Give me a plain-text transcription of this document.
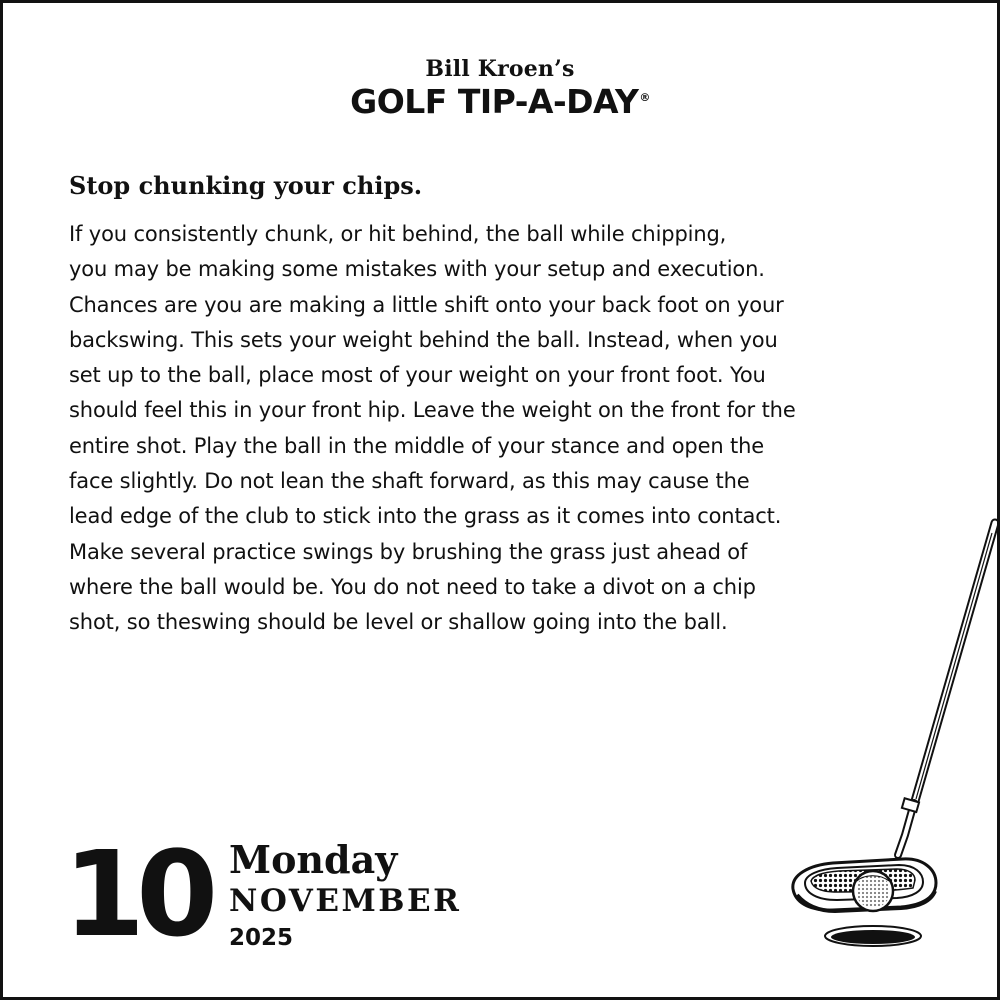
Bill Kroen’s
GOLF TIP-A-DAY®
Stop chunking your chips.
If you consistently chunk, or hit behind, the ball while chipping,
you may be making some mistakes with your setup and execution.
Chances are you are making a little shift onto your back foot on your
backswing. This sets your weight behind the ball. Instead, when you
set up to the ball, place most of your weight on your front foot. You
should feel this in your front hip. Leave the weight on the front for the
entire shot. Play the ball in the middle of your stance and open the
face slightly. Do not lean the shaft forward, as this may cause the
lead edge of the club to stick into the grass as it comes into contact.
Make several practice swings by brushing the grass just ahead of
where the ball would be. You do not need to take a divot on a chip
shot, so theswing should be level or shallow going into the ball.
10 Monday
NOVEMBER
2025
